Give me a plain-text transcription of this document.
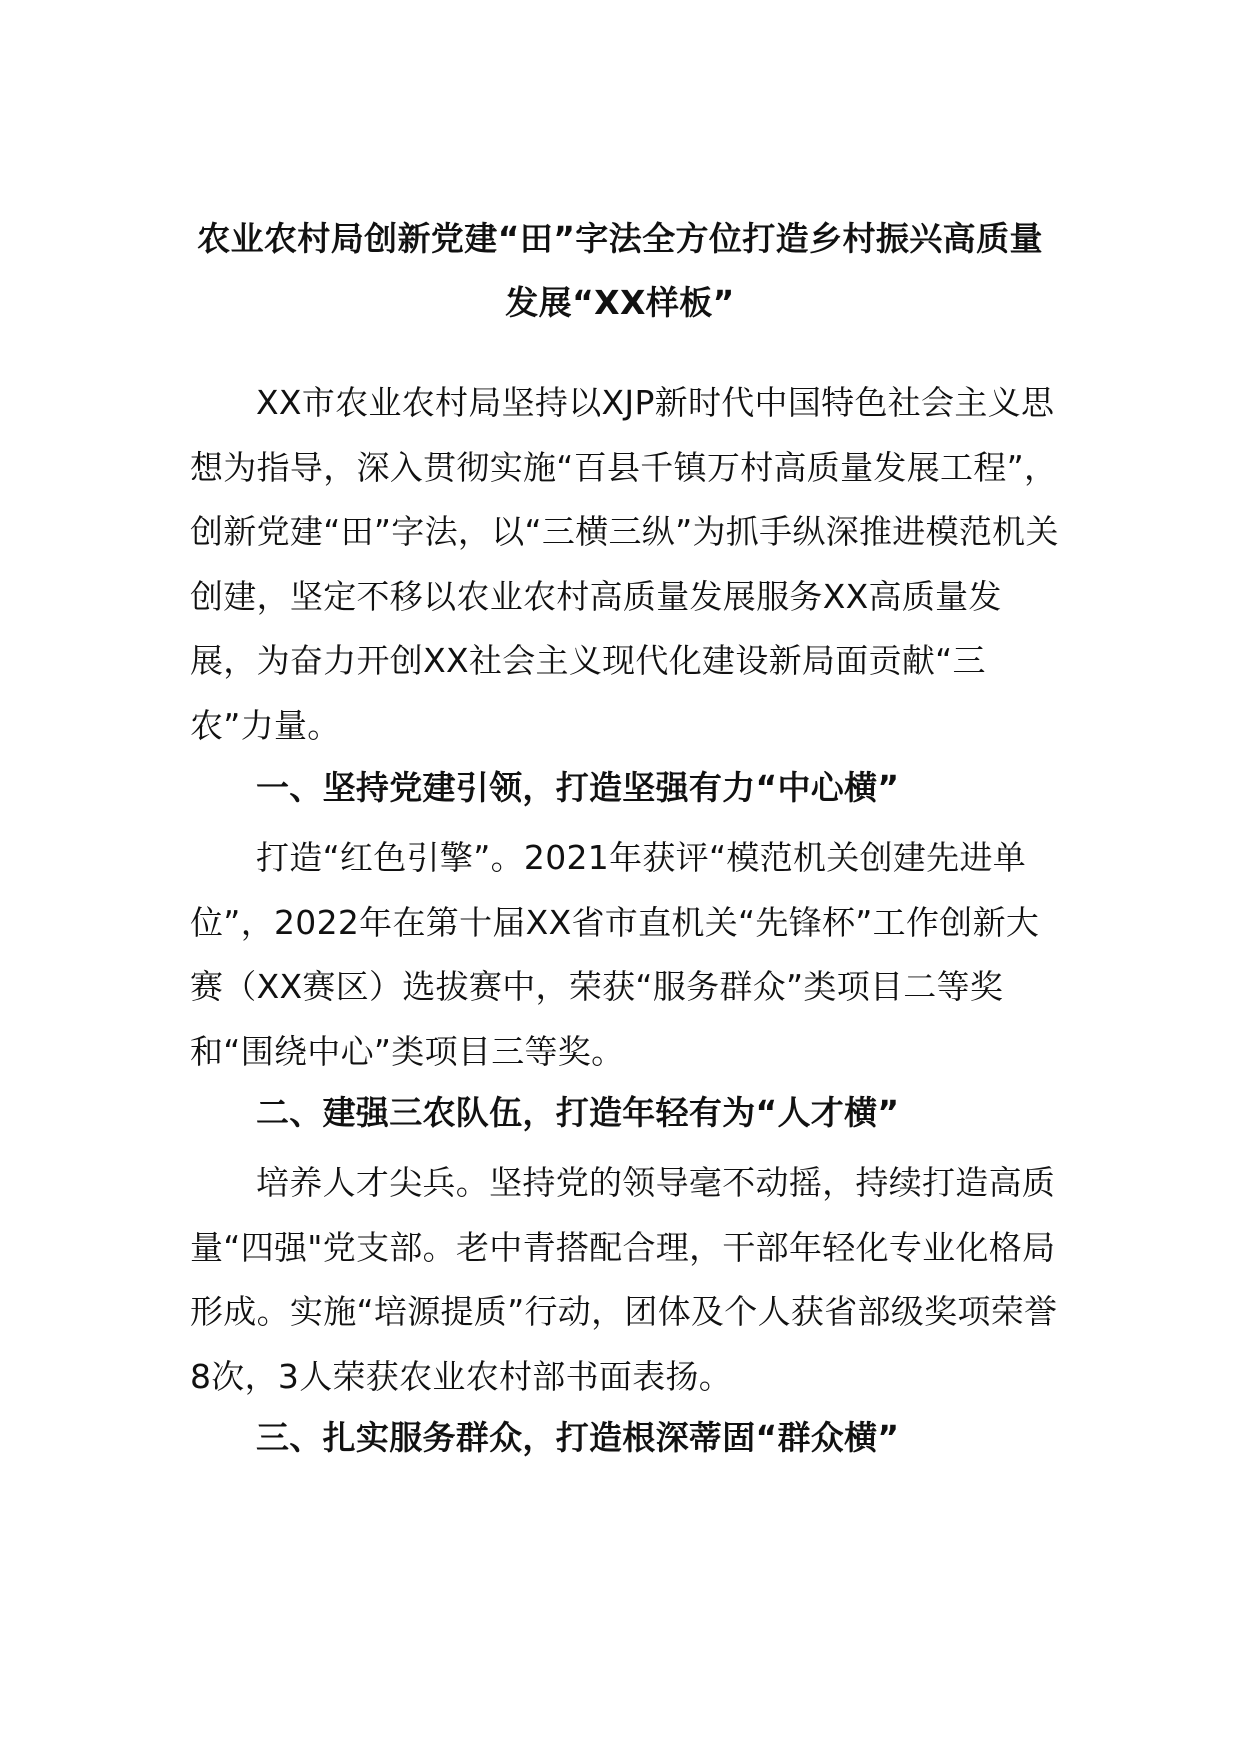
农业农村局创新党建“田”字法全方位打造乡村振兴高质量发展“XX样板”

XX市农业农村局坚持以XJP新时代中国特色社会主义思想为指导，深入贯彻实施“百县千镇万村高质量发展工程”，创新党建“田”字法，以“三横三纵”为抓手纵深推进模范机关创建，坚定不移以农业农村高质量发展服务XX高质量发展，为奋力开创XX社会主义现代化建设新局面贡献“三农”力量。

一、坚持党建引领，打造坚强有力“中心横”

打造“红色引擎”。2021年获评“模范机关创建先进单位”，2022年在第十届XX省市直机关“先锋杯”工作创新大赛（XX赛区）选拔赛中，荣获“服务群众”类项目二等奖和“围绕中心”类项目三等奖。

二、建强三农队伍，打造年轻有为“人才横”

培养人才尖兵。坚持党的领导毫不动摇，持续打造高质量“四强"党支部。老中青搭配合理，干部年轻化专业化格局形成。实施“培源提质”行动，团体及个人获省部级奖项荣誉8次，3人荣获农业农村部书面表扬。

三、扎实服务群众，打造根深蒂固“群众横”
